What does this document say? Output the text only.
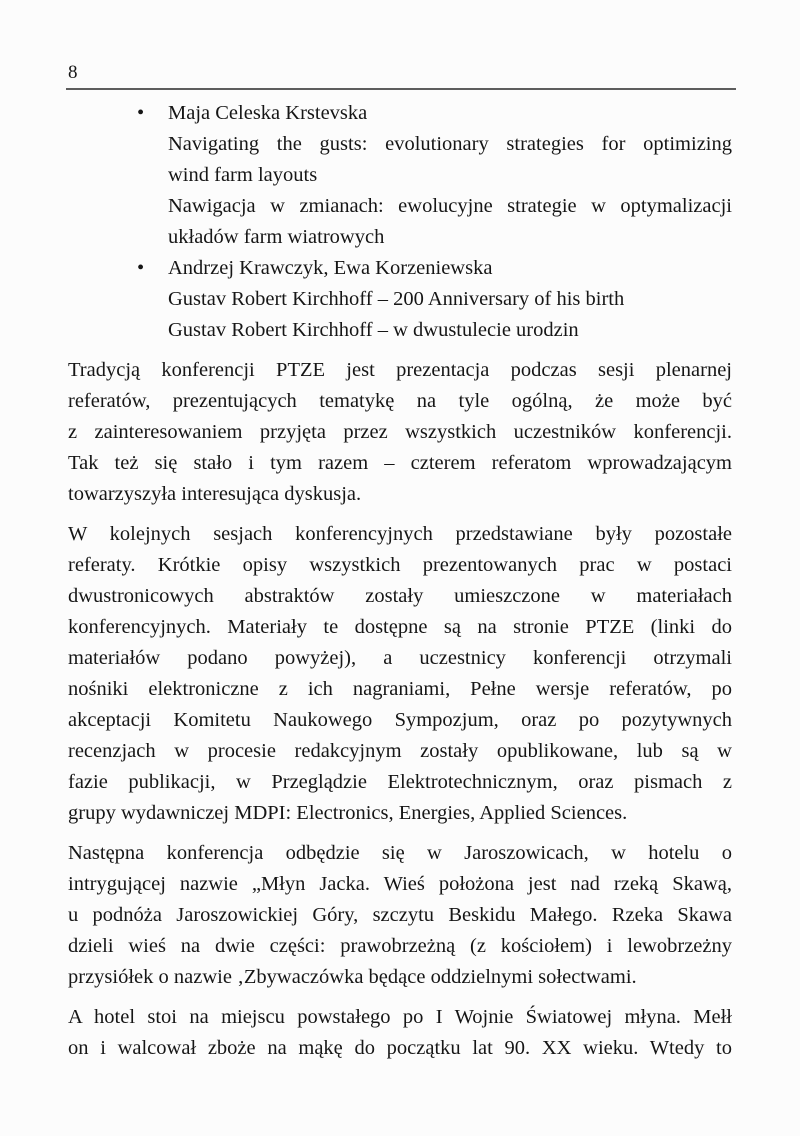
8
• Maja Celeska Krstevska
Navigating the gusts: evolutionary strategies for optimizing
wind farm layouts
Nawigacja w zmianach: ewolucyjne strategie w optymalizacji
układów farm wiatrowych
• Andrzej Krawczyk, Ewa Korzeniewska
Gustav Robert Kirchhoff – 200 Anniversary of his birth
Gustav Robert Kirchhoff – w dwustulecie urodzin

Tradycją konferencji PTZE jest prezentacja podczas sesji plenarnej
referatów, prezentujących tematykę na tyle ogólną, że może być
z zainteresowaniem przyjęta przez wszystkich uczestników konferencji.
Tak też się stało i tym razem – czterem referatom wprowadzającym
towarzyszyła interesująca dyskusja.

W kolejnych sesjach konferencyjnych przedstawiane były pozostałe
referaty. Krótkie opisy wszystkich prezentowanych prac w postaci
dwustronicowych abstraktów zostały umieszczone w materiałach
konferencyjnych. Materiały te dostępne są na stronie PTZE (linki do
materiałów podano powyżej), a uczestnicy konferencji otrzymali
nośniki elektroniczne z ich nagraniami, Pełne wersje referatów, po
akceptacji Komitetu Naukowego Sympozjum, oraz po pozytywnych
recenzjach w procesie redakcyjnym zostały opublikowane, lub są w
fazie publikacji, w Przeglądzie Elektrotechnicznym, oraz pismach z
grupy wydawniczej MDPI: Electronics, Energies, Applied Sciences.

Następna konferencja odbędzie się w Jaroszowicach, w hotelu o
intrygującej nazwie „Młyn Jacka. Wieś położona jest nad rzeką Skawą,
u podnóża Jaroszowickiej Góry, szczytu Beskidu Małego. Rzeka Skawa
dzieli wieś na dwie części: prawobrzeżną (z kościołem) i lewobrzeżny
przysiółek o nazwie ‚Zbywaczówka będące oddzielnymi sołectwami.

A hotel stoi na miejscu powstałego po I Wojnie Światowej młyna. Mełł
on i walcował zboże na mąkę do początku lat 90. XX wieku. Wtedy to
